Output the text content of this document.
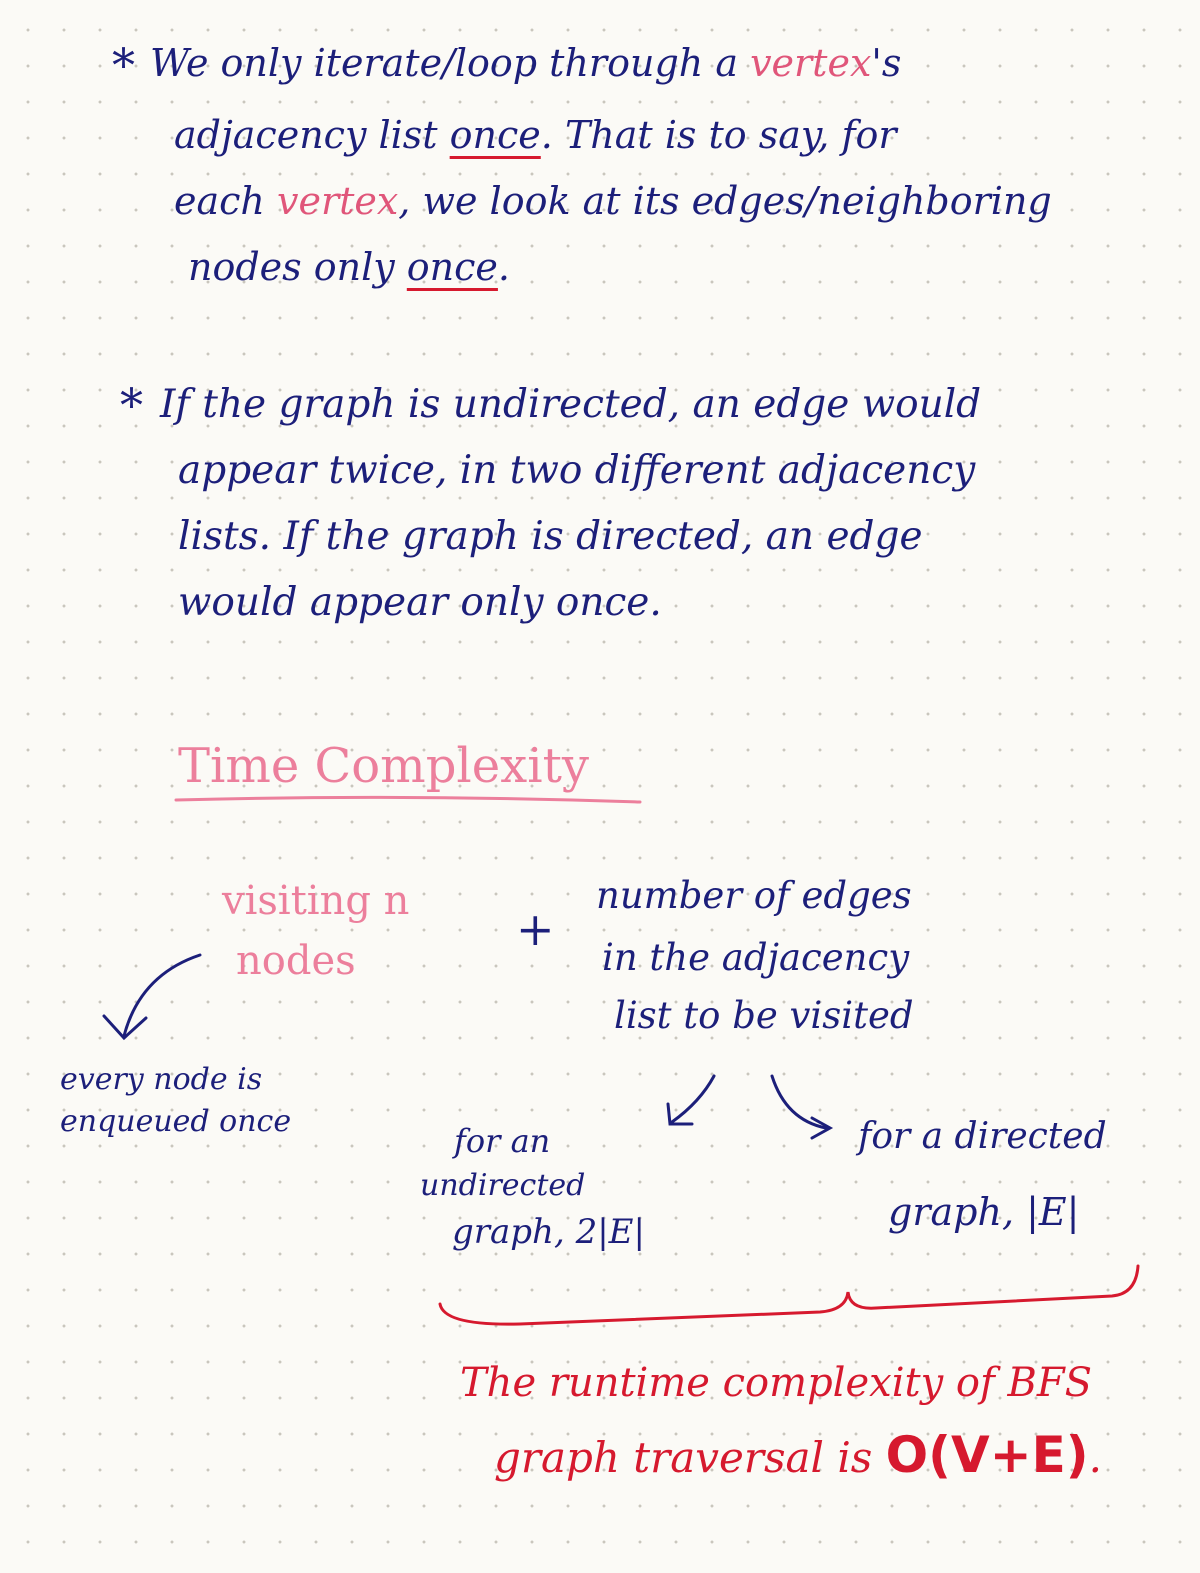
* We only iterate/loop through a vertex's
adjacency list once. That is to say, for
each vertex, we look at its edges/neighboring
nodes only once.
* If the graph is undirected, an edge would
appear twice, in two different adjacency
lists. If the graph is directed, an edge
would appear only once.
Time Complexity
visiting n
nodes
+
every node is
enqueued once
number of edges
in the adjacency
list to be visited
for an
undirected
graph, 2|E|
for a directed
graph, |E|
The runtime complexity of BFS
graph traversal is O(V+E).
